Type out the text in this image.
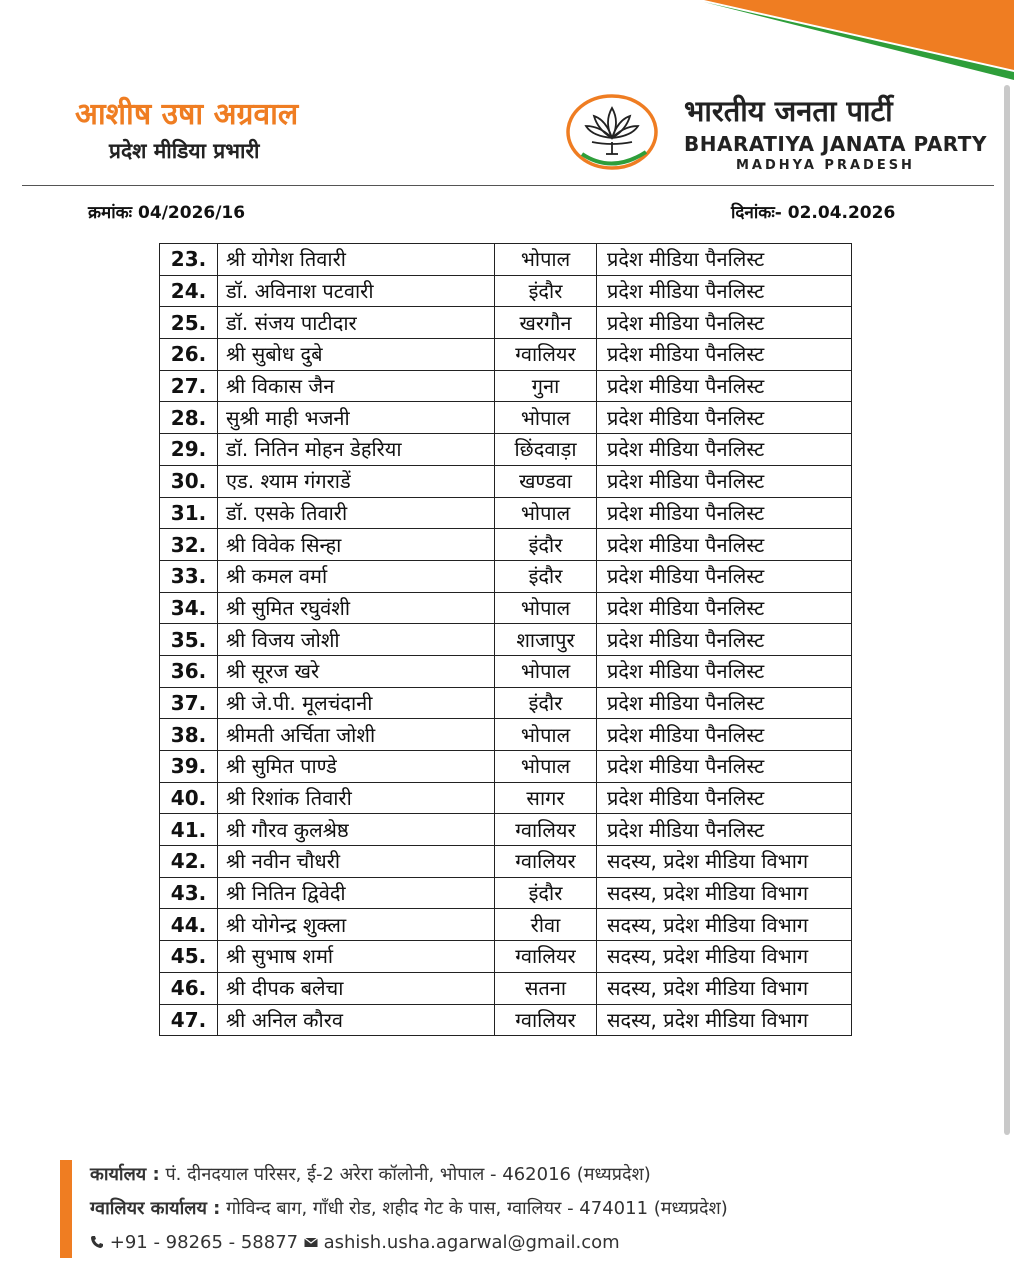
आशीष उषा अग्रवाल
प्रदेश मीडिया प्रभारी
भारतीय जनता पार्टी
BHARATIYA JANATA PARTY
MADHYA PRADESH
क्रमांकः 04/2026/16	दिनांकः- 02.04.2026
23.	श्री योगेश तिवारी	भोपाल	प्रदेश मीडिया पैनलिस्ट
24.	डॉ. अविनाश पटवारी	इंदौर	प्रदेश मीडिया पैनलिस्ट
25.	डॉ. संजय पाटीदार	खरगौन	प्रदेश मीडिया पैनलिस्ट
26.	श्री सुबोध दुबे	ग्वालियर	प्रदेश मीडिया पैनलिस्ट
27.	श्री विकास जैन	गुना	प्रदेश मीडिया पैनलिस्ट
28.	सुश्री माही भजनी	भोपाल	प्रदेश मीडिया पैनलिस्ट
29.	डॉ. नितिन मोहन डेहरिया	छिंदवाड़ा	प्रदेश मीडिया पैनलिस्ट
30.	एड. श्याम गंगराडें	खण्डवा	प्रदेश मीडिया पैनलिस्ट
31.	डॉ. एसके तिवारी	भोपाल	प्रदेश मीडिया पैनलिस्ट
32.	श्री विवेक सिन्हा	इंदौर	प्रदेश मीडिया पैनलिस्ट
33.	श्री कमल वर्मा	इंदौर	प्रदेश मीडिया पैनलिस्ट
34.	श्री सुमित रघुवंशी	भोपाल	प्रदेश मीडिया पैनलिस्ट
35.	श्री विजय जोशी	शाजापुर	प्रदेश मीडिया पैनलिस्ट
36.	श्री सूरज खरे	भोपाल	प्रदेश मीडिया पैनलिस्ट
37.	श्री जे.पी. मूलचंदानी	इंदौर	प्रदेश मीडिया पैनलिस्ट
38.	श्रीमती अर्चिता जोशी	भोपाल	प्रदेश मीडिया पैनलिस्ट
39.	श्री सुमित पाण्डे	भोपाल	प्रदेश मीडिया पैनलिस्ट
40.	श्री रिशांक तिवारी	सागर	प्रदेश मीडिया पैनलिस्ट
41.	श्री गौरव कुलश्रेष्ठ	ग्वालियर	प्रदेश मीडिया पैनलिस्ट
42.	श्री नवीन चौधरी	ग्वालियर	सदस्य, प्रदेश मीडिया विभाग
43.	श्री नितिन द्विवेदी	इंदौर	सदस्य, प्रदेश मीडिया विभाग
44.	श्री योगेन्द्र शुक्ला	रीवा	सदस्य, प्रदेश मीडिया विभाग
45.	श्री सुभाष शर्मा	ग्वालियर	सदस्य, प्रदेश मीडिया विभाग
46.	श्री दीपक बलेचा	सतना	सदस्य, प्रदेश मीडिया विभाग
47.	श्री अनिल कौरव	ग्वालियर	सदस्य, प्रदेश मीडिया विभाग
कार्यालय : पं. दीनदयाल परिसर, ई-2 अरेरा कॉलोनी, भोपाल - 462016 (मध्यप्रदेश)
ग्वालियर कार्यालय : गोविन्द बाग, गाँधी रोड, शहीद गेट के पास, ग्वालियर - 474011 (मध्यप्रदेश)
+91 - 98265 - 58877 ashish.usha.agarwal@gmail.com
